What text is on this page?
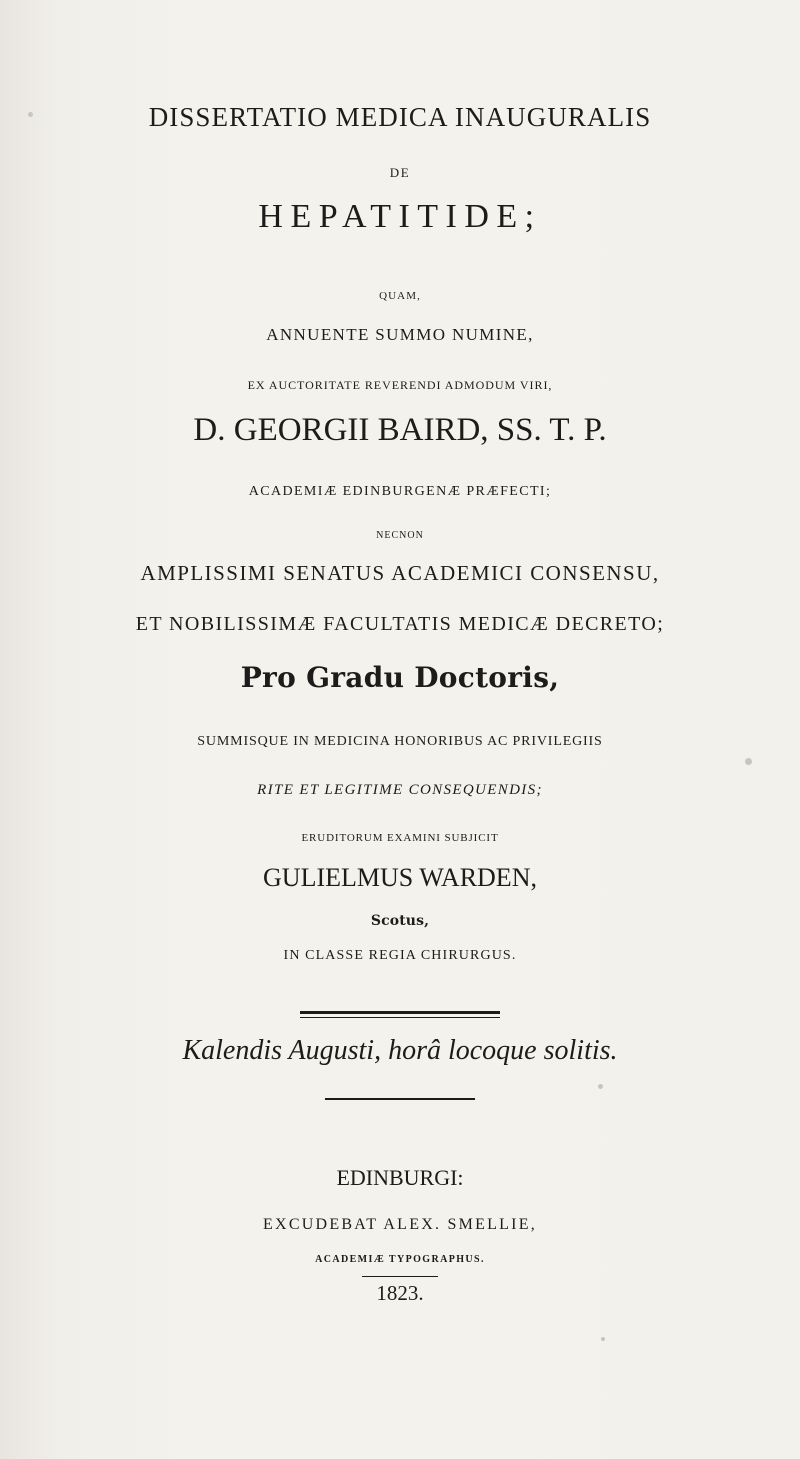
DISSERTATIO MEDICA INAUGURALIS
DE
HEPATITIDE;
QUAM,
ANNUENTE SUMMO NUMINE,
EX AUCTORITATE REVERENDI ADMODUM VIRI,
D. GEORGII BAIRD, SS. T. P.
ACADEMIÆ EDINBURGENÆ PRÆFECTI;
NECNON
AMPLISSIMI SENATUS ACADEMICI CONSENSU,
ET NOBILISSIMÆ FACULTATIS MEDICÆ DECRETO;
Pro Gradu Doctoris,
SUMMISQUE IN MEDICINA HONORIBUS AC PRIVILEGIIS
RITE ET LEGITIME CONSEQUENDIS;
ERUDITORUM EXAMINI SUBJICIT
GULIELMUS WARDEN,
Scotus,
IN CLASSE REGIA CHIRURGUS.
Kalendis Augusti, horâ locoque solitis.
EDINBURGI:
EXCUDEBAT ALEX. SMELLIE,
ACADEMIÆ TYPOGRAPHUS.
1823.
